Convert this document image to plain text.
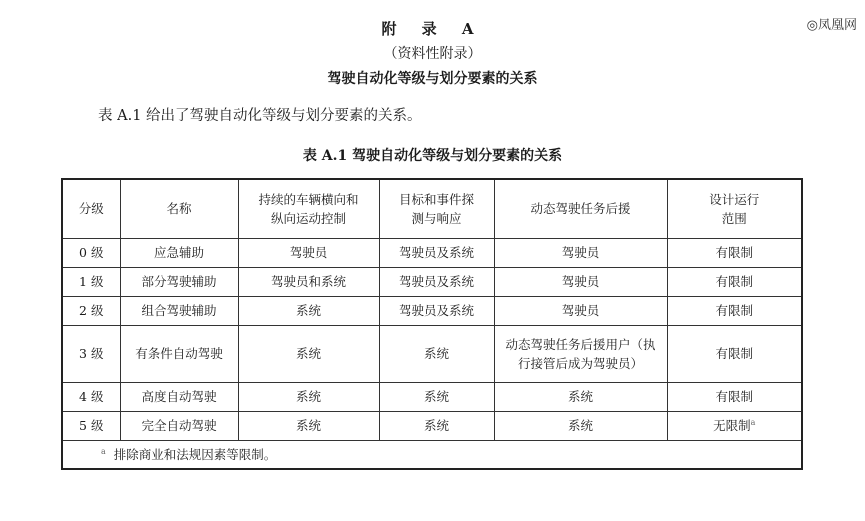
附 录 A
（资料性附录）
驾驶自动化等级与划分要素的关系
◎凤凰网
表 A.1 给出了驾驶自动化等级与划分要素的关系。
表 A.1 驾驶自动化等级与划分要素的关系
分级	名称	持续的车辆横向和纵向运动控制	目标和事件探测与响应	动态驾驶任务后援	设计运行范围
0 级	应急辅助	驾驶员	驾驶员及系统	驾驶员	有限制
1 级	部分驾驶辅助	驾驶员和系统	驾驶员及系统	驾驶员	有限制
2 级	组合驾驶辅助	系统	驾驶员及系统	驾驶员	有限制
3 级	有条件自动驾驶	系统	系统	动态驾驶任务后援用户（执行接管后成为驾驶员）	有限制
4 级	高度自动驾驶	系统	系统	系统	有限制
5 级	完全自动驾驶	系统	系统	系统	无限制$^a$
$^a$ 排除商业和法规因素等限制。					
